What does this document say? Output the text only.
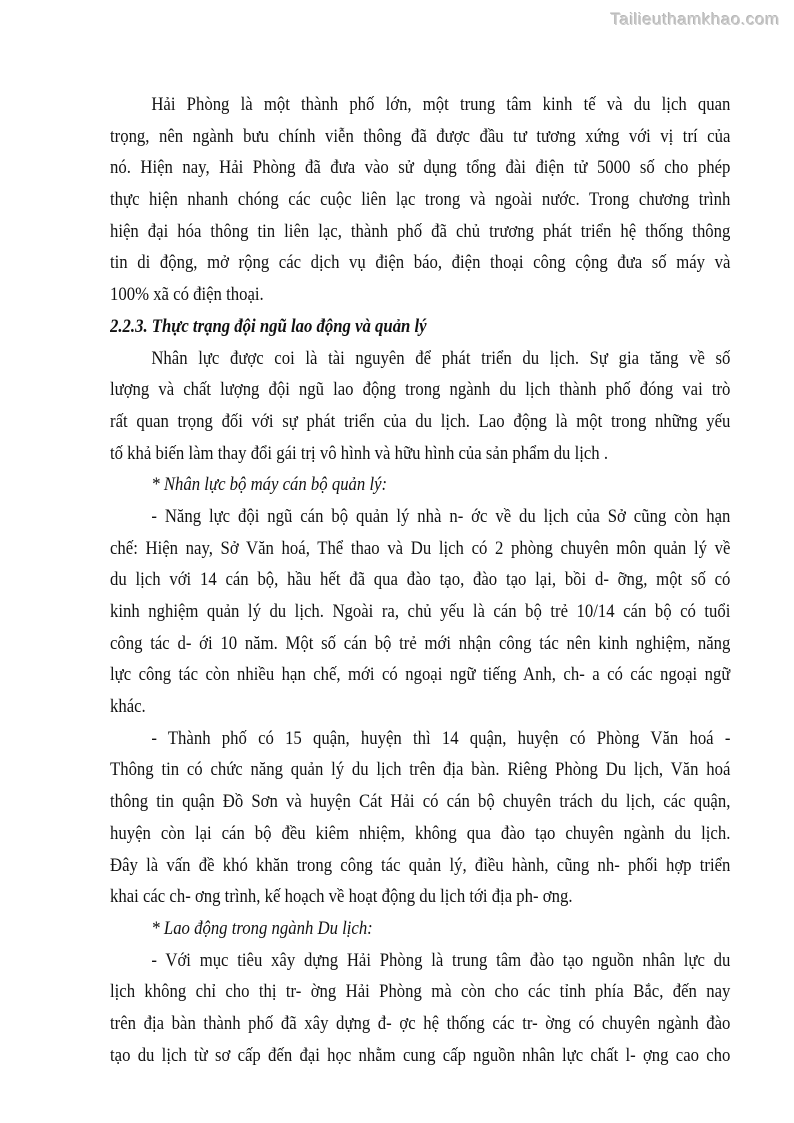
Tailieuthamkhao.com
Hải Phòng là một thành phố lớn, một trung tâm kinh tế và du lịch quan
trọng, nên ngành bưu chính viễn thông đã được đầu tư tương xứng với vị trí của
nó. Hiện nay, Hải Phòng đã đưa vào sử dụng tổng đài điện tử 5000 số cho phép
thực hiện nhanh chóng các cuộc liên lạc trong và ngoài nước. Trong chương trình
hiện đại hóa thông tin liên lạc, thành phố đã chủ trương phát triển hệ thống thông
tin di động, mở rộng các dịch vụ điện báo, điện thoại công cộng đưa số máy và
100% xã có điện thoại.
2.2.3. Thực trạng đội ngũ lao động và quản lý
Nhân lực được coi là tài nguyên để phát triển du lịch. Sự gia tăng về số
lượng và chất lượng đội ngũ lao động trong ngành du lịch thành phố đóng vai trò
rất quan trọng đối với sự phát triển của du lịch. Lao động là một trong những yếu
tố khả biến làm thay đổi gái trị vô hình và hữu hình của sản phẩm du lịch .
* Nhân lực bộ máy cán bộ quản lý:
- Năng lực đội ngũ cán bộ quản lý nhà n- ớc về du lịch của Sở cũng còn hạn
chế: Hiện nay, Sở Văn hoá, Thể thao và Du lịch có 2 phòng chuyên môn quản lý về
du lịch với 14 cán bộ, hầu hết đã qua đào tạo, đào tạo lại, bồi d- ỡng, một số có
kinh nghiệm quản lý du lịch. Ngoài ra, chủ yếu là cán bộ trẻ 10/14 cán bộ có tuổi
công tác d- ới 10 năm. Một số cán bộ trẻ mới nhận công tác nên kinh nghiệm, năng
lực công tác còn nhiều hạn chế, mới có ngoại ngữ tiếng Anh, ch- a có các ngoại ngữ
khác.
- Thành phố có 15 quận, huyện thì 14 quận, huyện có Phòng Văn hoá -
Thông tin có chức năng quản lý du lịch trên địa bàn. Riêng Phòng Du lịch, Văn hoá
thông tin quận Đồ Sơn và huyện Cát Hải có cán bộ chuyên trách du lịch, các quận,
huyện còn lại cán bộ đều kiêm nhiệm, không qua đào tạo chuyên ngành du lịch.
Đây là vấn đề khó khăn trong công tác quản lý, điều hành, cũng nh- phối hợp triển
khai các ch- ơng trình, kế hoạch về hoạt động du lịch tới địa ph- ơng.
* Lao động trong ngành Du lịch:
- Với mục tiêu xây dựng Hải Phòng là trung tâm đào tạo nguồn nhân lực du
lịch không chỉ cho thị tr- ờng Hải Phòng mà còn cho các tỉnh phía Bắc, đến nay
trên địa bàn thành phố đã xây dựng đ- ợc hệ thống các tr- ờng có chuyên ngành đào
tạo du lịch từ sơ cấp đến đại học nhằm cung cấp nguồn nhân lực chất l- ợng cao cho
